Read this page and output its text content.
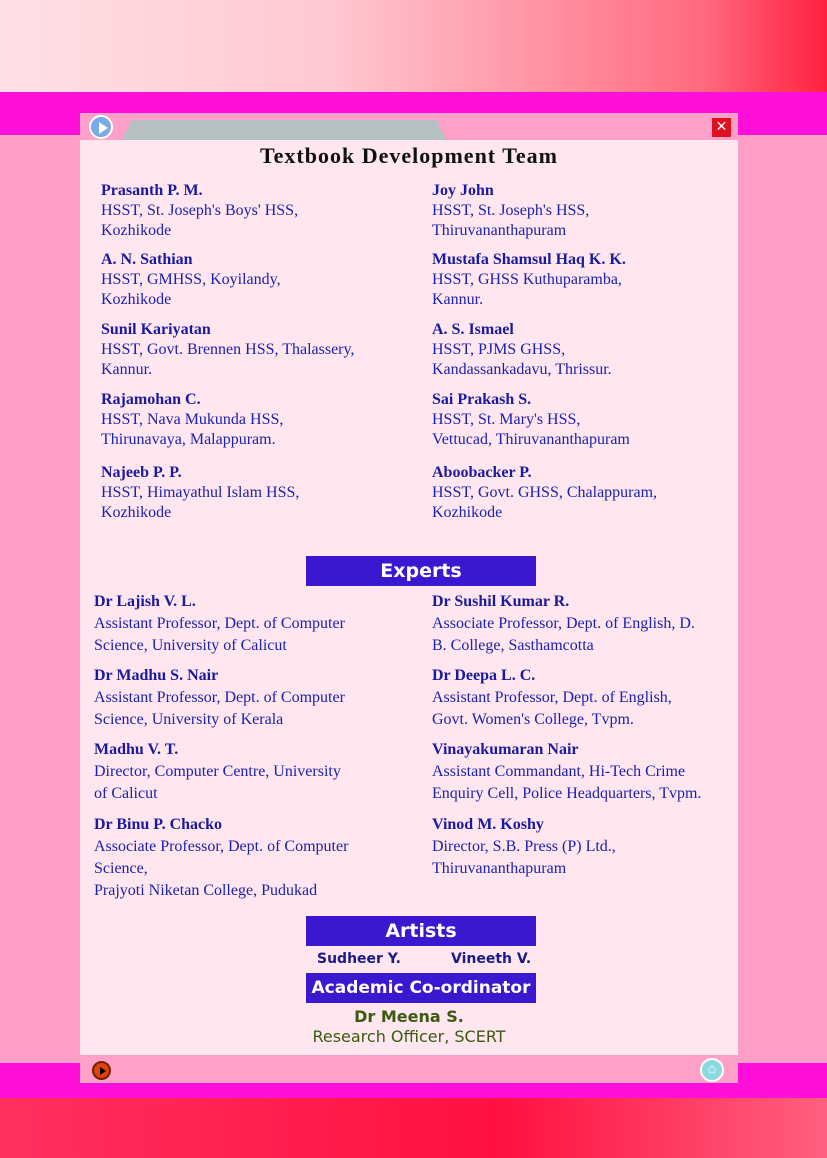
✕
Textbook Development Team
Prasanth P. M.
HSST, St. Joseph's Boys' HSS,
Kozhikode
Joy John
HSST, St. Joseph's HSS,
Thiruvananthapuram
A. N. Sathian
HSST, GMHSS, Koyilandy,
Kozhikode
Mustafa Shamsul Haq K. K.
HSST, GHSS Kuthuparamba,
Kannur.
Sunil Kariyatan
HSST, Govt. Brennen HSS, Thalassery,
Kannur.
A. S. Ismael
HSST, PJMS GHSS,
Kandassankadavu, Thrissur.
Rajamohan C.
HSST, Nava Mukunda HSS,
Thirunavaya, Malappuram.
Sai Prakash S.
HSST, St. Mary's HSS,
Vettucad, Thiruvananthapuram
Najeeb P. P.
HSST, Himayathul Islam HSS,
Kozhikode
Aboobacker P.
HSST, Govt. GHSS, Chalappuram,
Kozhikode
Dr Lajish V. L.
Assistant Professor, Dept. of Computer
Science, University of Calicut
Dr Sushil Kumar R.
Associate Professor, Dept. of English, D.
B. College, Sasthamcotta
Dr Madhu S. Nair
Assistant Professor, Dept. of Computer
Science, University of Kerala
Dr Deepa L. C.
Assistant Professor, Dept. of English,
Govt. Women's College, Tvpm.
Madhu V. T.
Director, Computer Centre, University
of Calicut
Vinayakumaran Nair
Assistant Commandant, Hi-Tech Crime
Enquiry Cell, Police Headquarters, Tvpm.
Dr Binu P. Chacko
Associate Professor, Dept. of Computer
Science,
Prajyoti Niketan College, Pudukad
Vinod M. Koshy
Director, S.B. Press (P) Ltd.,
Thiruvananthapuram
Experts
Artists
Sudheer Y.	Vineeth V.
Academic Co-ordinator
Dr Meena S.
Research Officer, SCERT
⌂
